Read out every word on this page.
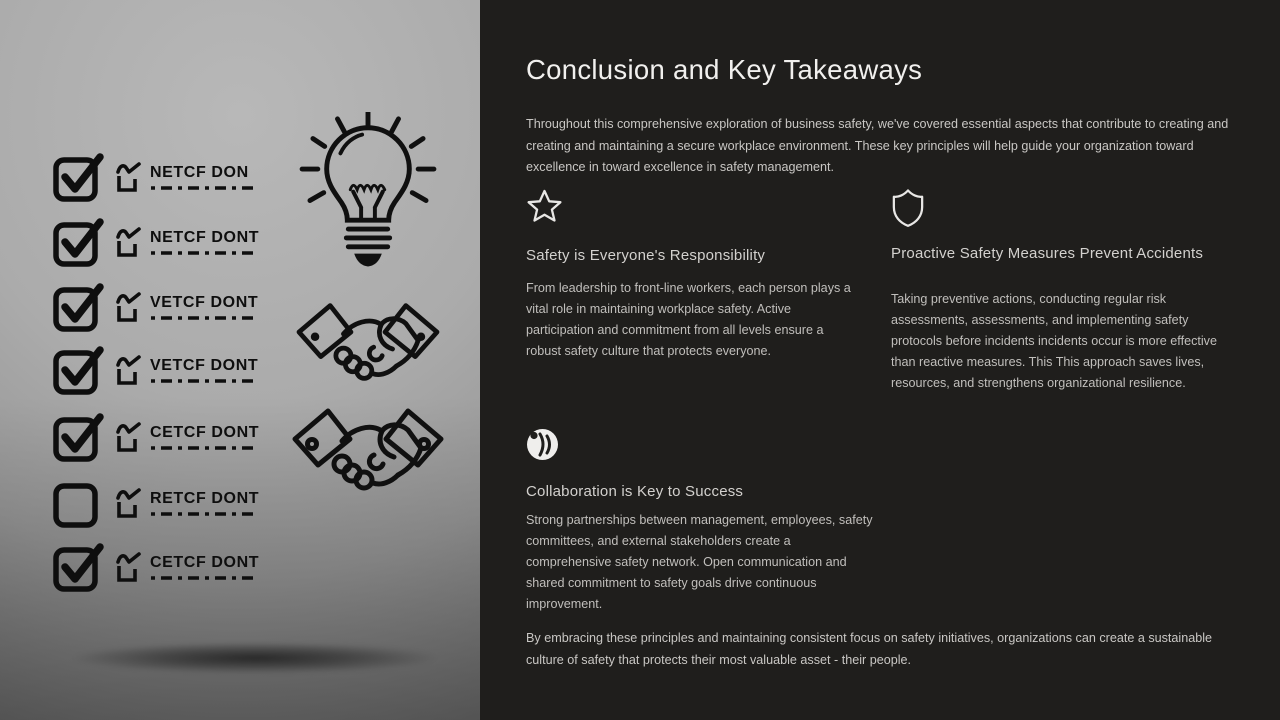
NETCF DON
NETCF DONT
VETCF DONT
VETCF DONT
CETCF DONT
RETCF DONT
CETCF DONT
Conclusion and Key Takeaways

Throughout this comprehensive exploration of business safety, we've covered essential aspects that contribute to creating and creating and maintaining a secure workplace environment. These key principles will help guide your organization toward excellence in toward excellence in safety management.

Safety is Everyone's Responsibility
From leadership to front-line workers, each person plays a vital role in maintaining workplace safety. Active participation and commitment from all levels ensure a robust safety culture that protects everyone.
Proactive Safety Measures Prevent Accidents
Taking preventive actions, conducting regular risk assessments, assessments, and implementing safety protocols before incidents incidents occur is more effective than reactive measures. This This approach saves lives, resources, and strengthens organizational resilience.
Collaboration is Key to Success
Strong partnerships between management, employees, safety committees, and external stakeholders create a comprehensive safety network. Open communication and shared commitment to safety goals drive continuous improvement.

By embracing these principles and maintaining consistent focus on safety initiatives, organizations can create a sustainable culture of safety that protects their most valuable asset - their people.
